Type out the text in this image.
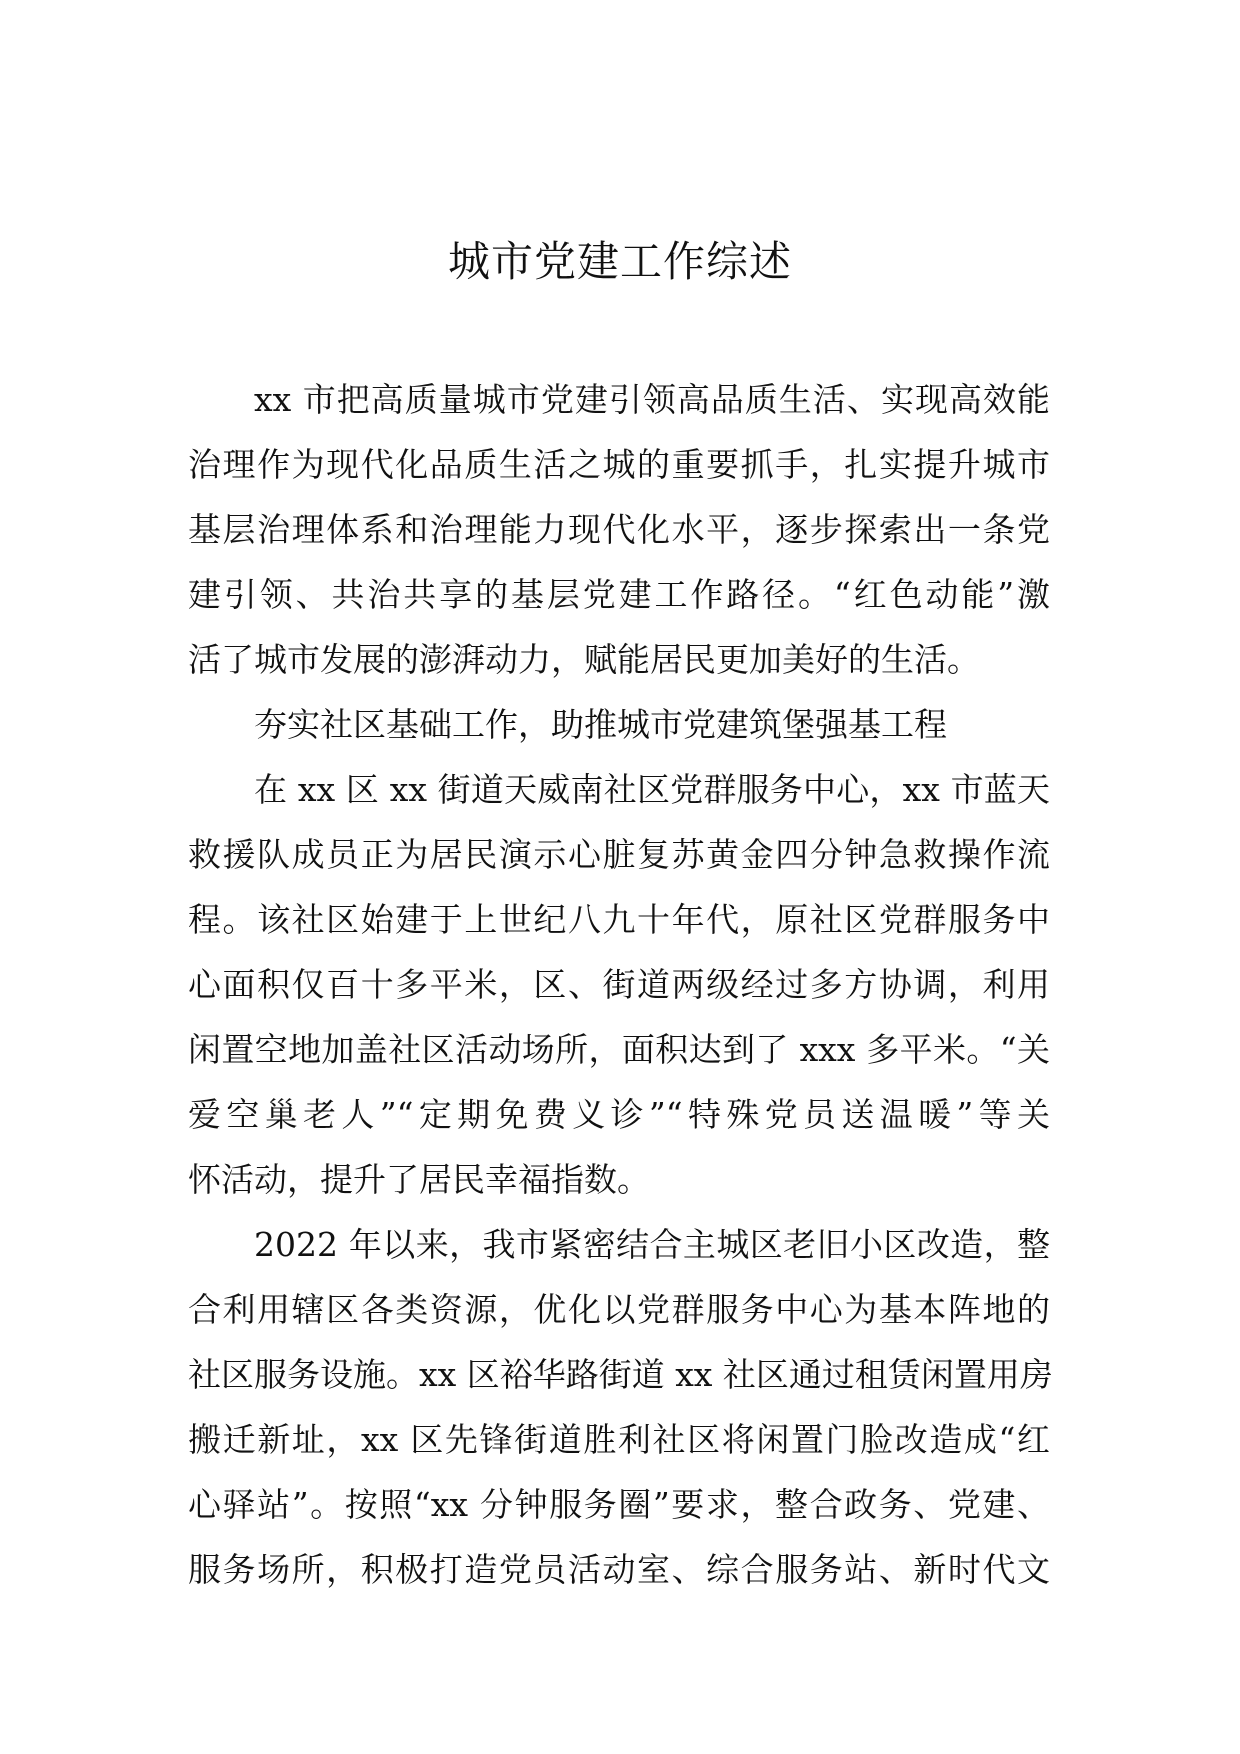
城市党建工作综述
xx 市把高质量城市党建引领高品质生活、实现高效能
治理作为现代化品质生活之城的重要抓手，扎实提升城市
基层治理体系和治理能力现代化水平，逐步探索出一条党
建引领、共治共享的基层党建工作路径。“红色动能”激
活了城市发展的澎湃动力，赋能居民更加美好的生活。
夯实社区基础工作，助推城市党建筑堡强基工程
在 xx 区 xx 街道天威南社区党群服务中心，xx 市蓝天
救援队成员正为居民演示心脏复苏黄金四分钟急救操作流
程。该社区始建于上世纪八九十年代，原社区党群服务中
心面积仅百十多平米，区、街道两级经过多方协调，利用
闲置空地加盖社区活动场所，面积达到了 xxx 多平米。“关
爱空巢老人”“定期免费义诊”“特殊党员送温暖”等关
怀活动，提升了居民幸福指数。
2022 年以来，我市紧密结合主城区老旧小区改造，整
合利用辖区各类资源，优化以党群服务中心为基本阵地的
社区服务设施。xx 区裕华路街道 xx 社区通过租赁闲置用房
搬迁新址，xx 区先锋街道胜利社区将闲置门脸改造成“红
心驿站”。按照“xx 分钟服务圈”要求，整合政务、党建、
服务场所，积极打造党员活动室、综合服务站、新时代文
